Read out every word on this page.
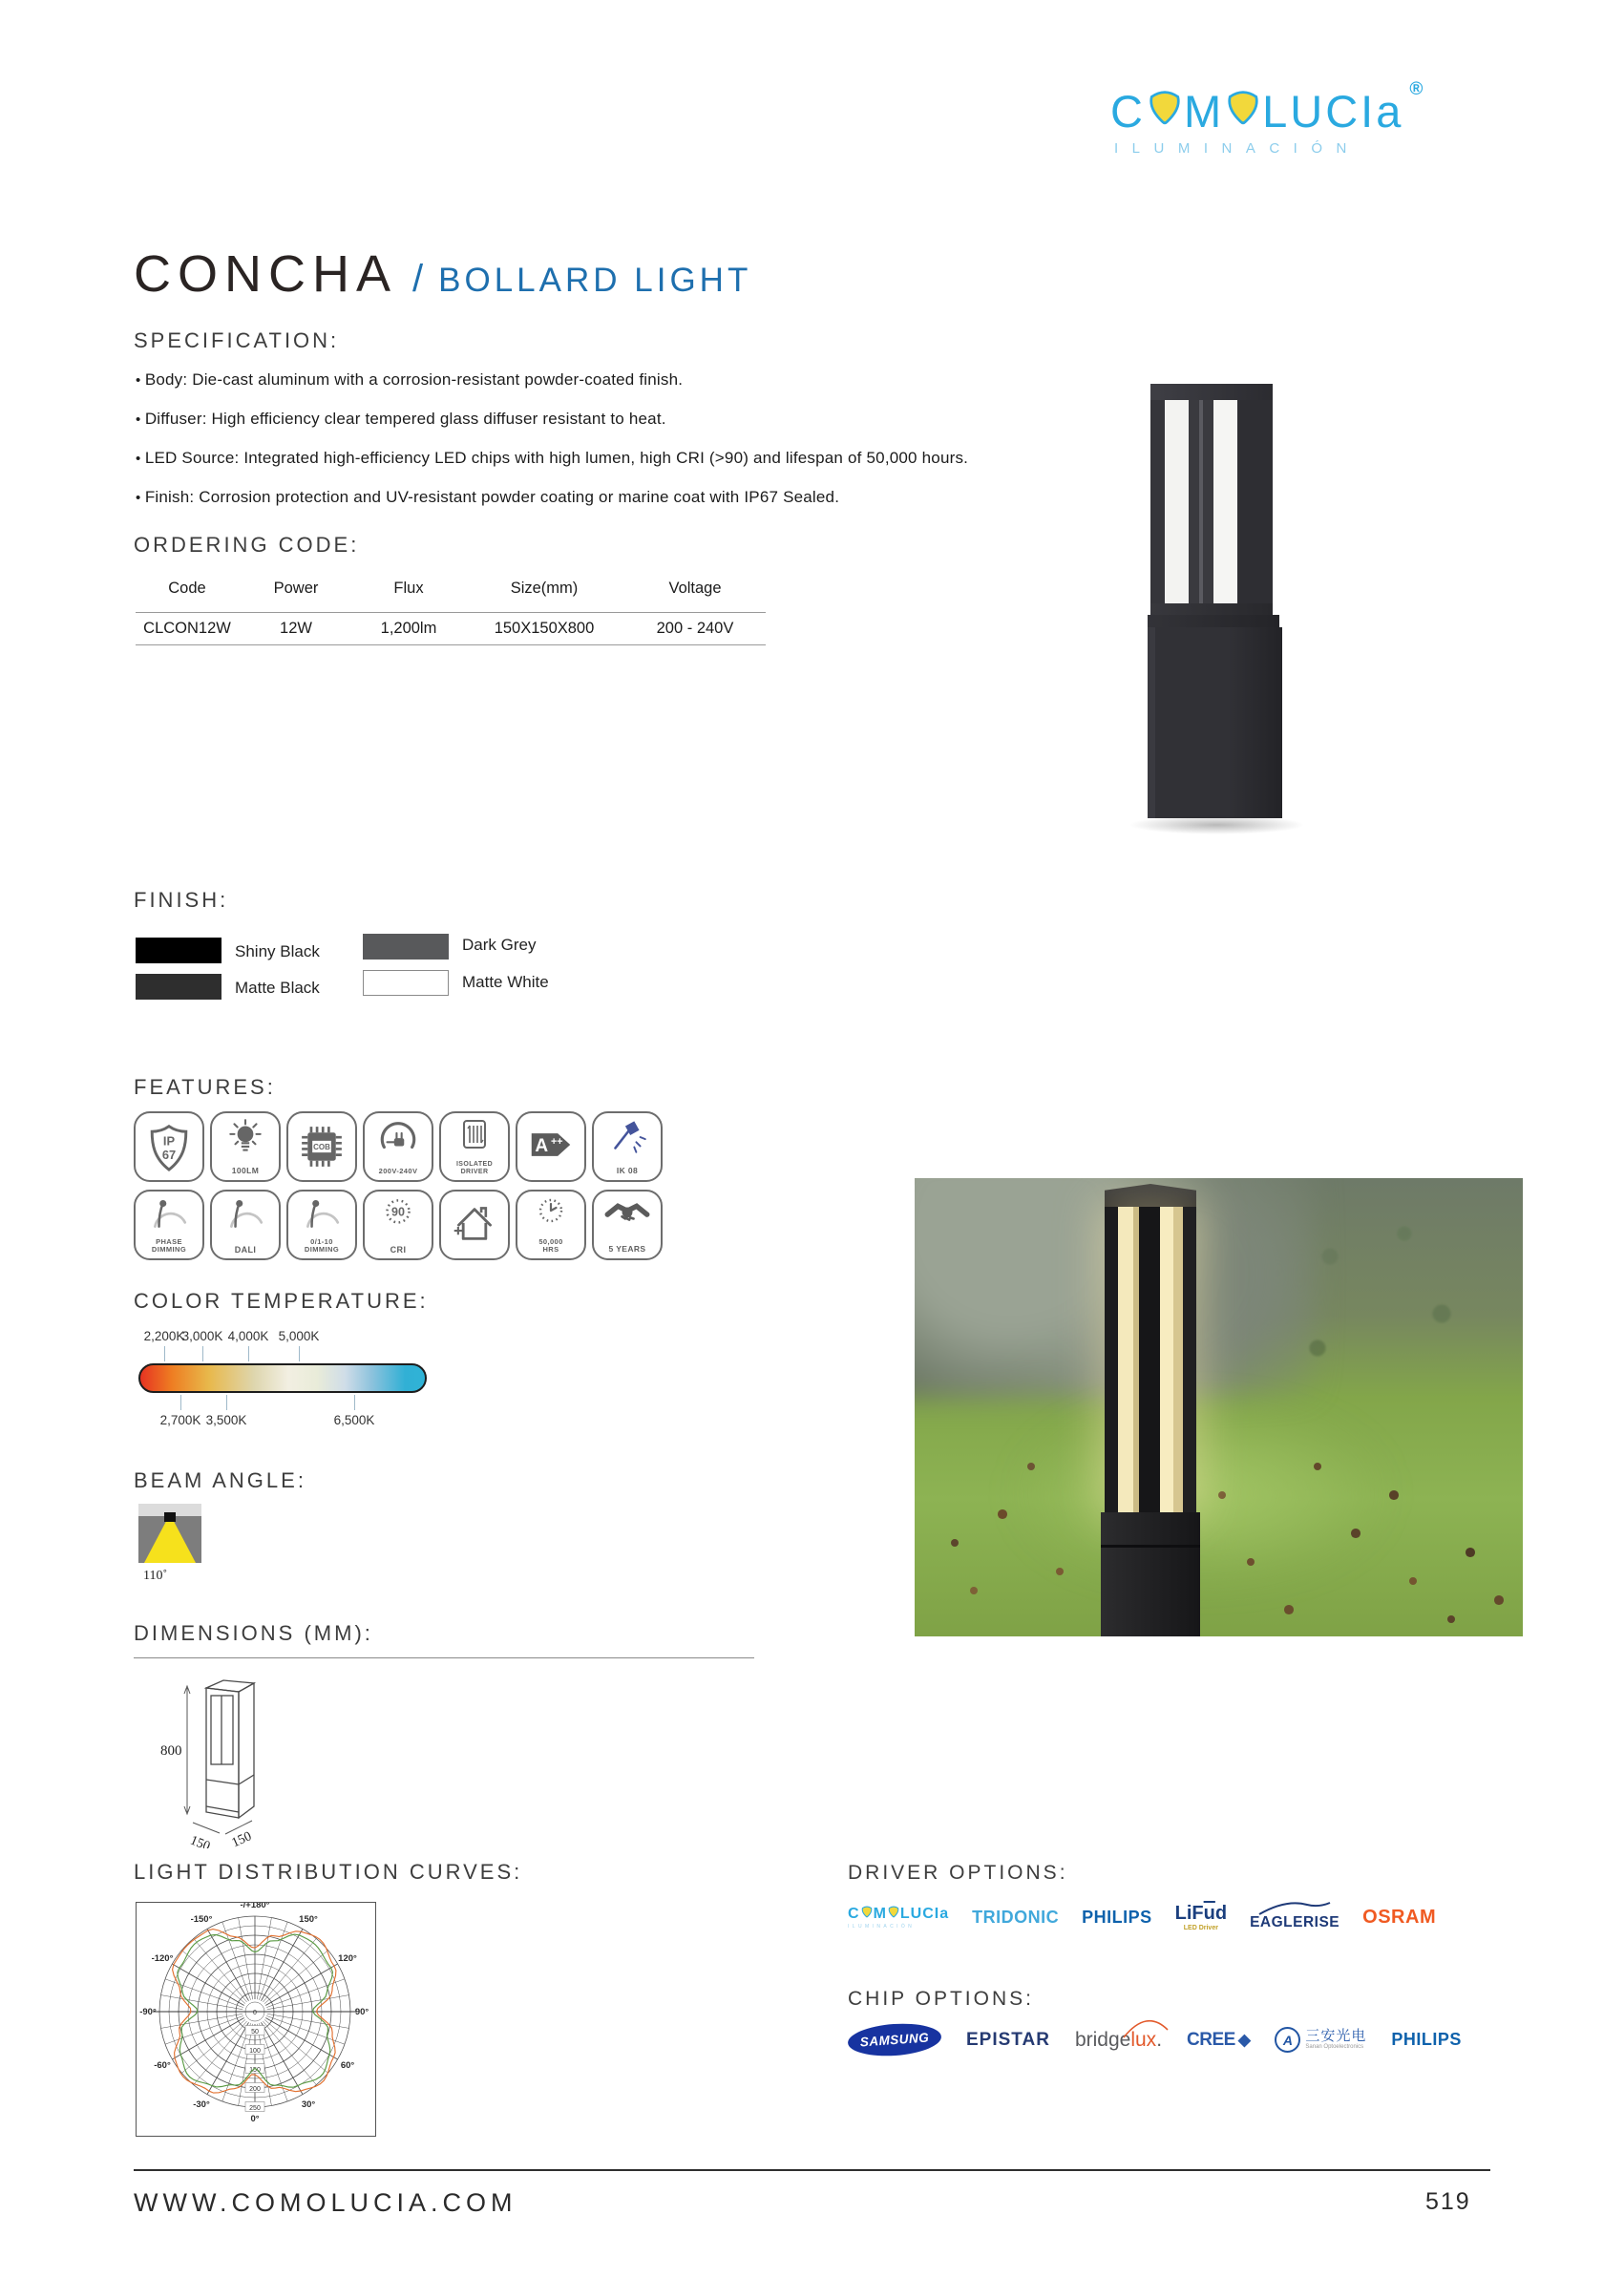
C M LUCIa ®
ILUMINACIÓN
CONCHA / BOLLARD LIGHT
SPECIFICATION:
• Body: Die-cast aluminum with a corrosion-resistant powder-coated finish.
• Diffuser: High efficiency clear tempered glass diffuser resistant to heat.
• LED Source: Integrated high-efficiency LED chips with high lumen, high CRI (>90) and lifespan of 50,000 hours.
• Finish: Corrosion protection and UV-resistant powder coating or marine coat with IP67 Sealed.
ORDERING CODE:
Code	Power	Flux	Size(mm)	Voltage
CLCON12W	12W	1,200lm	150X150X800	200 - 240V
FINISH:
Shiny Black
Matte Black
Dark Grey
Matte White
FEATURES:
IP
67
100LM
COB
200V-240V
ISOLATED
DRIVER
A ++
IK 08
PHASE
DIMMING	DALI
0/1-10
DIMMING
90
CRI
50,000
HRS	5 YEARS
COLOR TEMPERATURE:
2,200K
3,000K 4,000K 5,000K
2,700K 3,500K	6,500K
BEAM ANGLE:
110˚
DIMENSIONS (MM):
800
150 150
LIGHT DISTRIBUTION CURVES:
-/+180°
150°
120°
90°
60°
30°
0°
-30°
-60°
-90°
-120°
-150°
0
50
100
150
200
250
DRIVER OPTIONS:
C M LUCIa
ILUMINACIÓN	TRIDONIC PHILIPS $LiF\overline{u}d$
LED Driver EAGLERISE OSRAM
CHIP OPTIONS:
SAMSUNG EPISTAR bridgelux. CREE ◆ A 三安光电
Sanan Optoelectronics PHILIPS
WWW.COMOLUCIA.COM	519
